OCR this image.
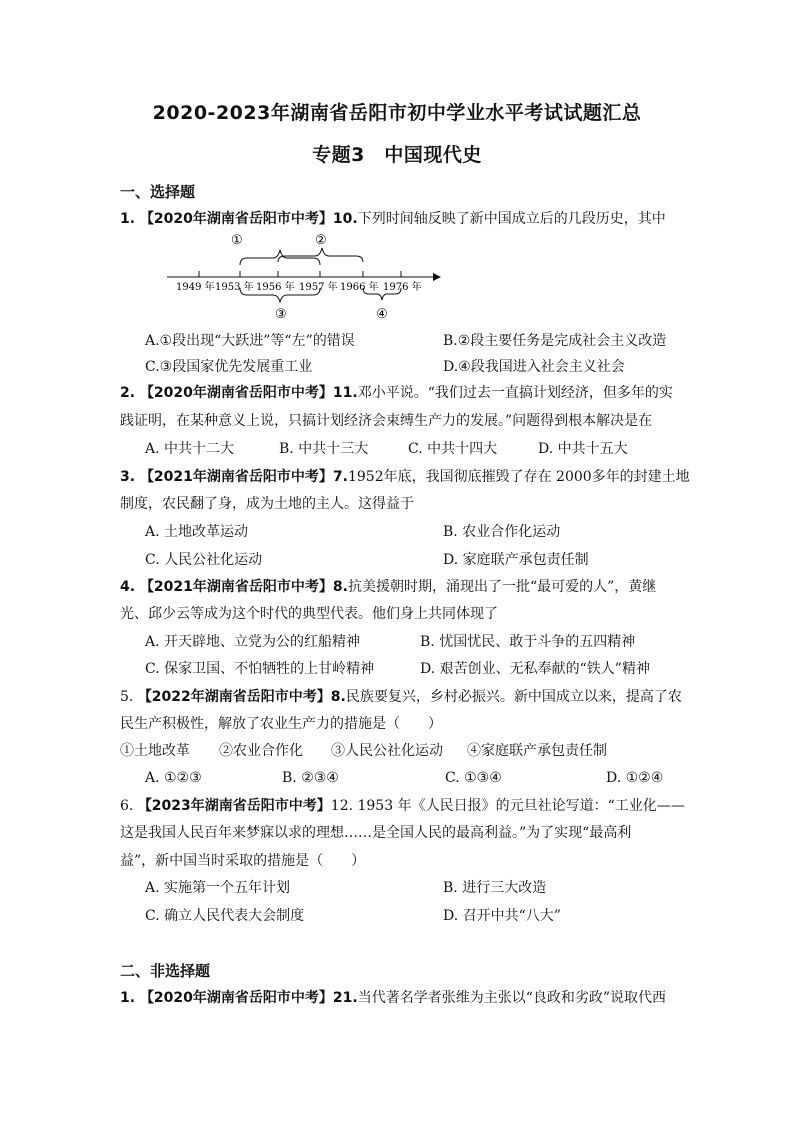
2020-2023年湖南省岳阳市初中学业水平考试试题汇总
专题3　中国现代史
一、选择题
1. 【2020年湖南省岳阳市中考】10.下列时间轴反映了新中国成立后的几段历史，其中
①	②
③	④
1949 年 1953 年 1956 年 1957 年 1966 年 1976 年
A.①段出现“大跃进”等“左”的错误	B.②段主要任务是完成社会主义改造
C.③段国家优先发展重工业	D.④段我国进入社会主义社会
2. 【2020年湖南省岳阳市中考】11.邓小平说。“我们过去一直搞计划经济，但多年的实
践证明，在某种意义上说，只搞计划经济会束缚生产力的发展。”问题得到根本解决是在
A. 中共十二大	B. 中共十三大	C. 中共十四大	D. 中共十五大
3. 【2021年湖南省岳阳市中考】7.1952年底，我国彻底摧毁了存在 2000多年的封建土地
制度，农民翻了身，成为土地的主人。这得益于
A. 土地改革运动	B. 农业合作化运动
C. 人民公社化运动	D. 家庭联产承包责任制
4. 【2021年湖南省岳阳市中考】8.抗美援朝时期，涌现出了一批“最可爱的人”，黄继
光、邱少云等成为这个时代的典型代表。他们身上共同体现了
A. 开天辟地、立党为公的红船精神	B. 忧国忧民、敢于斗争的五四精神
C. 保家卫国、不怕牺牲的上甘岭精神	D. 艰苦创业、无私奉献的“铁人”精神
5. 【2022年湖南省岳阳市中考】8.民族要复兴，乡村必振兴。新中国成立以来，提高了农
民生产积极性，解放了农业生产力的措施是（　　）
①土地改革 ②农业合作化 ③人民公社化运动 ④家庭联产承包责任制
A. ①②③	B. ②③④	C. ①③④	D. ①②④
6. 【2023年湖南省岳阳市中考】12. 1953 年《人民日报》的元旦社论写道：“工业化——
这是我国人民百年来梦寐以求的理想……是全国人民的最高利益。”为了实现“最高利
益”，新中国当时采取的措施是（　　）
A. 实施第一个五年计划	B. 进行三大改造
C. 确立人民代表大会制度	D. 召开中共“八大”
二、非选择题
1. 【2020年湖南省岳阳市中考】21.当代著名学者张维为主张以“良政和劣政”说取代西
